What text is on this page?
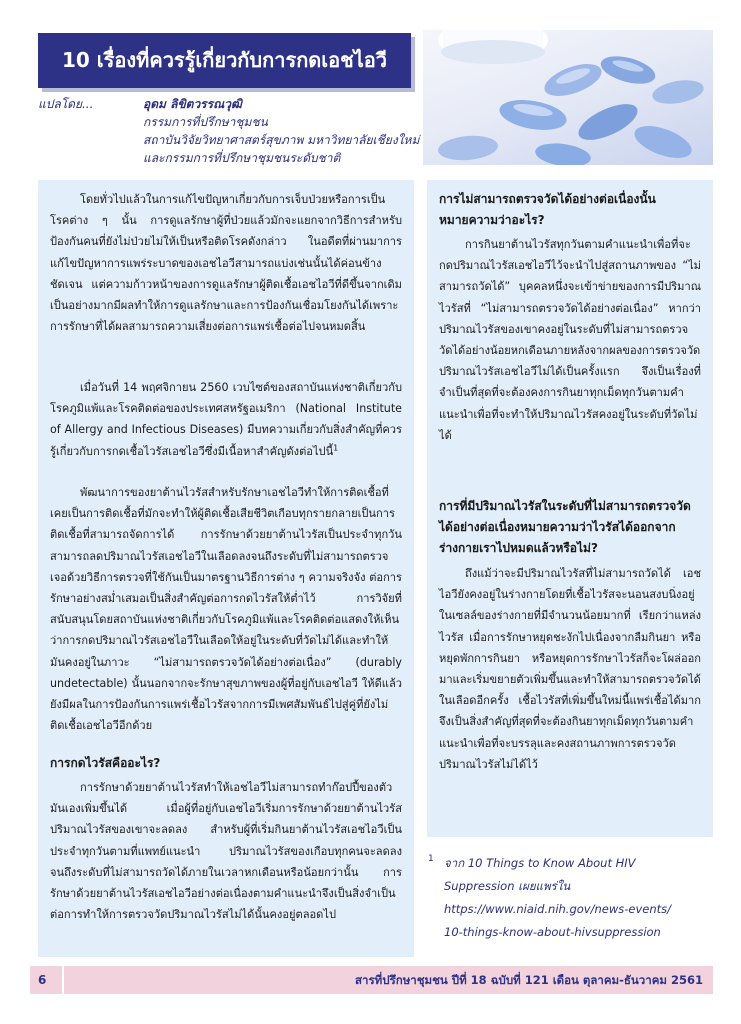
10 เรื่องที่ควรรู้เกี่ยวกับการกดเอชไอวี
แปลโดย...	อุดม ลิขิตวรรณวุฒิ
กรรมการที่ปรึกษาชุมชน
สถาบันวิจัยวิทยาศาสตร์สุขภาพ มหาวิทยาลัยเชียงใหม่
และกรรมการที่ปรึกษาชุมชนระดับชาติ

โดยทั่วไปแล้วในการแก้ไขปัญหาเกี่ยวกับการเจ็บป่วยหรือการเป็นโรคต่าง ๆ นั้น การดูแลรักษาผู้ที่ป่วยแล้วมักจะแยกจากวิธีการสำหรับป้องกันคนที่ยังไม่ป่วยไม่ให้เป็นหรือติดโรคดังกล่าว ในอดีตที่ผ่านมาการแก้ไขปัญหาการแพร่ระบาดของเอชไอวีสามารถแบ่งเช่นนั้นได้ค่อนข้างชัดเจน แต่ความก้าวหน้าของการดูแลรักษาผู้ติดเชื้อเอชไอวีที่ดีขึ้นจากเดิมเป็นอย่างมากมีผลทำให้การดูแลรักษาและการป้องกันเชื่อมโยงกันได้เพราะการรักษาที่ได้ผลสามารถความเสี่ยงต่อการแพร่เชื้อต่อไปจนหมดสิ้น

เมื่อวันที่ 14 พฤศจิกายน 2560 เวบไซต์ของสถาบันแห่งชาติเกี่ยวกับโรคภูมิแพ้และโรคติดต่อของประเทศสหรัฐอเมริกา (National Institute of Allergy and Infectious Diseases) มีบทความเกี่ยวกับสิ่งสำคัญที่ควรรู้เกี่ยวกับการกดเชื้อไวรัสเอชไอวีซึ่งมีเนื้อหาสำคัญดังต่อไปนี้$^1$

พัฒนาการของยาต้านไวรัสสำหรับรักษาเอชไอวีทำให้การติดเชื้อที่เคยเป็นการติดเชื้อที่มักจะทำให้ผู้ติดเชื้อเสียชีวิตเกือบทุกรายกลายเป็นการติดเชื้อที่สามารถจัดการได้ การรักษาด้วยยาต้านไวรัสเป็นประจำทุกวันสามารถลดปริมาณไวรัสเอชไอวีในเลือดลงจนถึงระดับที่ไม่สามารถตรวจเจอด้วยวิธีการตรวจที่ใช้กันเป็นมาตรฐานวิธีการต่าง ๆ ความจริงจัง ต่อการรักษาอย่างสม่ำเสมอเป็นสิ่งสำคัญต่อการกดไวรัสให้ต่ำไว้ การวิจัยที่สนับสนุนโดยสถาบันแห่งชาติเกี่ยวกับโรคภูมิแพ้และโรคติดต่อแสดงให้เห็นว่าการกดปริมาณไวรัสเอชไอวีในเลือดให้อยู่ในระดับที่วัดไม่ได้และทำให้มันคงอยู่ในภาวะ “ไม่สามารถตรวจวัดได้อย่างต่อเนื่อง” (durably undetectable) นั้นนอกจากจะรักษาสุขภาพของผู้ที่อยู่กับเอชไอวี ให้ดีแล้วยังมีผลในการป้องกันการแพร่เชื้อไวรัสจากการมีเพศสัมพันธ์ไปสู่คู่ที่ยังไม่ติดเชื้อเอชไอวีอีกด้วย

การกดไวรัสคืออะไร?

การรักษาด้วยยาต้านไวรัสทำให้เอชไอวีไม่สามารถทำก๊อปปี้ของตัวมันเองเพิ่มขึ้นได้ เมื่อผู้ที่อยู่กับเอชไอวีเริ่มการรักษาด้วยยาต้านไวรัสปริมาณไวรัสของเขาจะลดลง สำหรับผู้ที่เริ่มกินยาต้านไวรัสเอชไอวีเป็นประจำทุกวันตามที่แพทย์แนะนำ ปริมาณไวรัสของเกือบทุกคนจะลดลงจนถึงระดับที่ไม่สามารถวัดได้ภายในเวลาหกเดือนหรือน้อยกว่านั้น การรักษาด้วยยาต้านไวรัสเอชไอวีอย่างต่อเนื่องตามคำแนะนำจึงเป็นสิ่งจำเป็นต่อการทำให้การตรวจวัดปริมาณไวรัสไม่ได้นั้นคงอยู่ตลอดไป

การไม่สามารถตรวจวัดได้อย่างต่อเนื่องนั้นหมายความว่าอะไร?

การกินยาต้านไวรัสทุกวันตามคำแนะนำเพื่อที่จะกดปริมาณไวรัสเอชไอวีไว้จะนำไปสู่สถานภาพของ “ไม่สามารถวัดได้” บุคคลหนึ่งจะเข้าข่ายของการมีปริมาณไวรัสที่ “ไม่สามารถตรวจวัดได้อย่างต่อเนื่อง” หากว่าปริมาณไวรัสของเขาคงอยู่ในระดับที่ไม่สามารถตรวจวัดได้อย่างน้อยหกเดือนภายหลังจากผลของการตรวจวัดปริมาณไวรัสเอชไอวีไม่ได้เป็นครั้งแรก จึงเป็นเรื่องที่จำเป็นที่สุดที่จะต้องคงการกินยาทุกเม็ดทุกวันตามคำแนะนำเพื่อที่จะทำให้ปริมาณไวรัสคงอยู่ในระดับที่วัดไม่ได้

การที่มีปริมาณไวรัสในระดับที่ไม่สามารถตรวจวัดได้อย่างต่อเนื่องหมายความว่าไวรัสได้ออกจากร่างกายเราไปหมดแล้วหรือไม่?

ถึงแม้ว่าจะมีปริมาณไวรัสที่ไม่สามารถวัดได้ เอชไอวียังคงอยู่ในร่างกายโดยที่เชื้อไวรัสจะนอนสงบนิ่งอยู่ในเซลล์ของร่างกายที่มีจำนวนน้อยมากที่ เรียกว่าแหล่งไวรัส เมื่อการรักษาหยุดชะงักไปเนื่องจากลืมกินยา หรือหยุดพักการกินยา หรือหยุดการรักษาไวรัสก็จะโผล่ออกมาและเริ่มขยายตัวเพิ่มขึ้นและทำให้สามารถตรวจวัดได้ในเลือดอีกครั้ง เชื้อไวรัสที่เพิ่มขึ้นใหม่นี้แพร่เชื้อได้มาก จึงเป็นสิ่งสำคัญที่สุดที่จะต้องกินยาทุกเม็ดทุกวันตามคำแนะนำเพื่อที่จะบรรลุและคงสถานภาพการตรวจวัดปริมาณไวรัสไม่ได้ไว้

1 จาก 10 Things to Know About HIV
Suppression เผยแพร่ใน
https://www.niaid.nih.gov/news-events/
10-things-know-about-hivsuppression
6	สารที่ปรึกษาชุมชน ปีที่ 18 ฉบับที่ 121 เดือน ตุลาคม-ธันวาคม 2561
